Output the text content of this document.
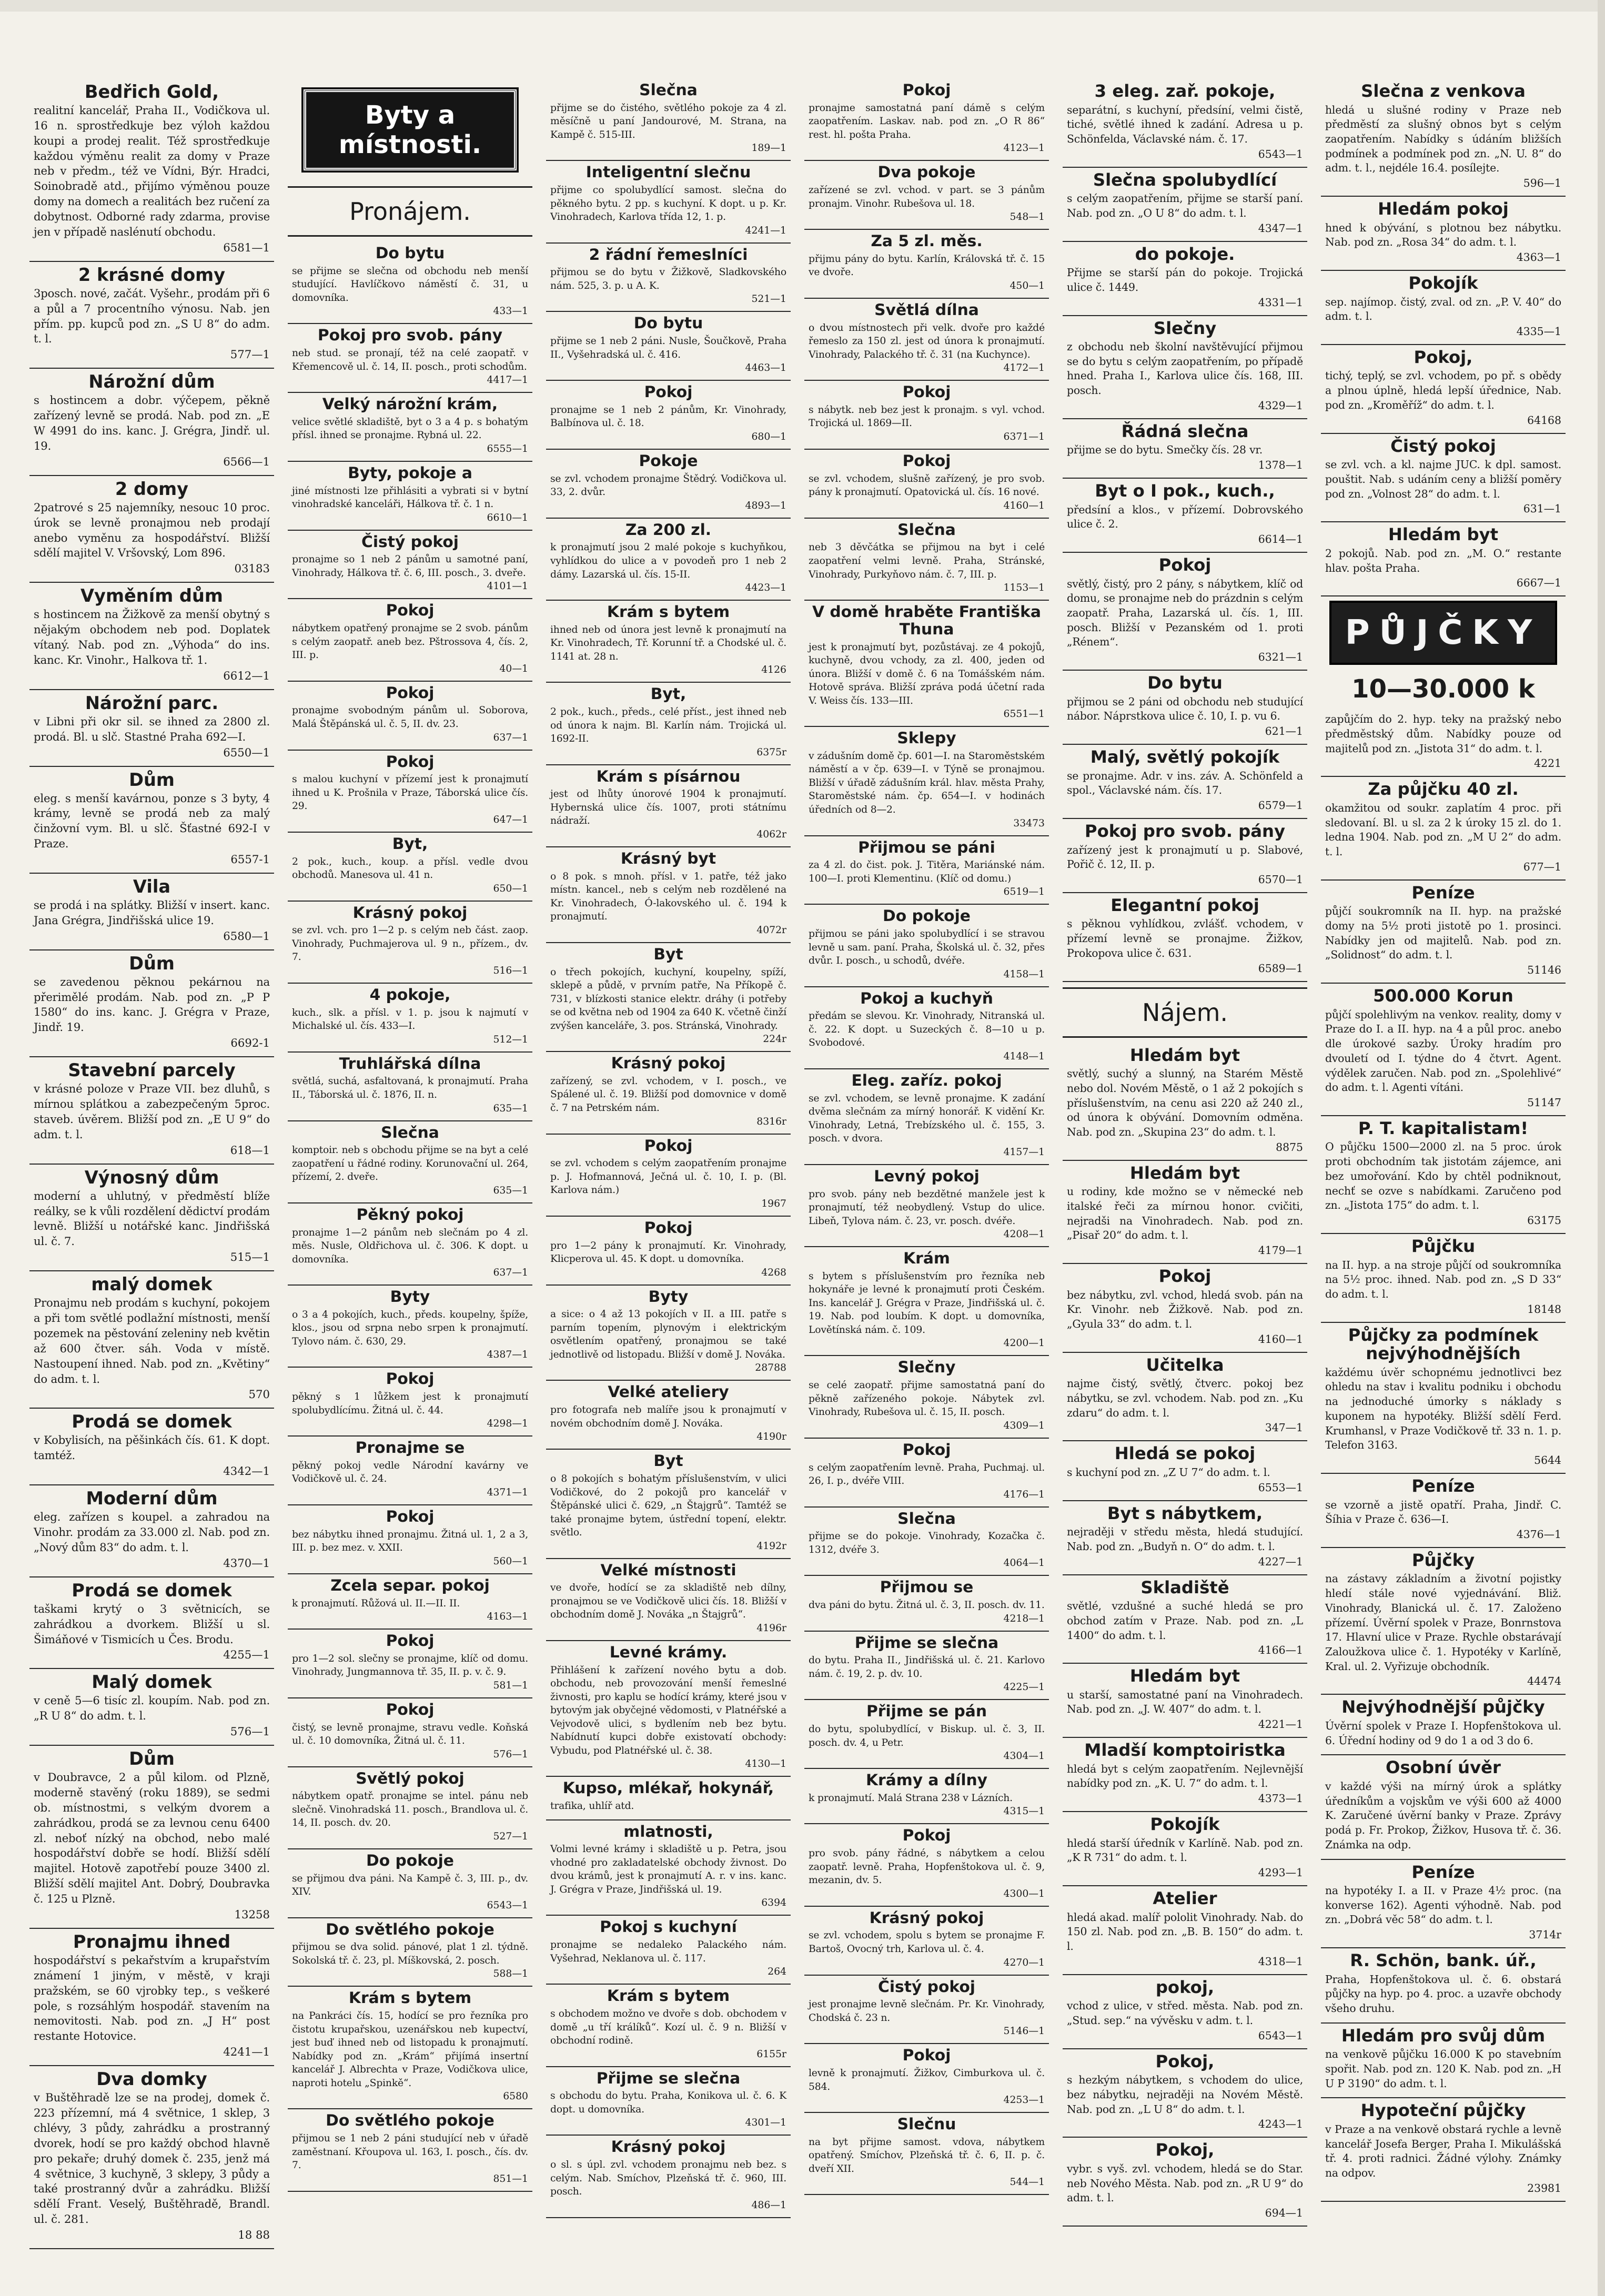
Bedřich Gold,

realitní kancelář, Praha II., Vodičkova ul. 16 n. sprostředkuje bez výloh každou koupi a prodej realit. Též sprostředkuje každou výměnu realit za domy v Praze neb v předm., též ve Vídni, Býr. Hradci, Soinobradě atd., přijímo výměnou pouze domy na domech a realitách bez ručení za dobytnost. Odborné rady zdarma, provise jen v případě naslénutí obchodu.

6581—1
2 krásné domy

3posch. nové, začát. Vyšehr., prodám při 6 a půl a 7 procentního výnosu. Nab. jen přím. pp. kupců pod zn. „S U 8“ do adm. t. l.

577—1
Nárožní dům

s hostincem a dobr. výčepem, pěkně zařízený levně se prodá. Nab. pod zn. „E W 4991 do ins. kanc. J. Grégra, Jindř. ul. 19.

6566—1
2 domy

2patrové s 25 najemníky, nesouc 10 proc. úrok se levně pronajmou neb prodají anebo vyměnu za hospodářství. Bližší sdělí majitel V. Vršovský, Lom 896.

03183
Vyměním dům

s hostincem na Žižkově za menší obytný s nějakým obchodem neb pod. Doplatek vítaný. Nab. pod zn. „Výhoda“ do ins. kanc. Kr. Vinohr., Halkova tř. 1.

6612—1
Nárožní parc.

v Libni při okr sil. se ihned za 2800 zl. prodá. Bl. u slč. Stastné Praha 692—I.

6550—1
Dům

eleg. s menší kavárnou, ponze s 3 byty, 4 krámy, levně se prodá neb za malý činžovní vym. Bl. u slč. Šťastné 692-I v Praze.

6557-1
Vila

se prodá i na splátky. Bližší v insert. kanc. Jana Grégra, Jindřišská ulice 19.

6580—1
Dům

se zavedenou pěknou pekárnou na přerimělé prodám. Nab. pod zn. „P P 1580“ do ins. kanc. J. Grégra v Praze, Jindř. 19.

6692-1
Stavební parcely

v krásné poloze v Praze VII. bez dluhů, s mírnou splátkou a zabezpečeným 5proc. staveb. úvěrem. Bližší pod zn. „E U 9“ do adm. t. l.

618—1
Výnosný dům

moderní a uhlutný, v předměstí blíže reálky, se k vůli rozdělení dědictví prodám levně. Bližší u notářské kanc. Jindřišská ul. č. 7.

515—1
malý domek

Pronajmu neb prodám s kuchyní, pokojem a při tom světlé podlažní místnosti, menší pozemek na pěstování zeleniny neb květin až 600 čtver. sáh. Voda v místě. Nastoupení ihned. Nab. pod zn. „Květiny“ do adm. t. l.

570
Prodá se domek

v Kobylisích, na pěšinkách čís. 61. K dopt. tamtéž.

4342—1
Moderní dům

eleg. zařízen s koupel. a zahradou na Vinohr. prodám za 33.000 zl. Nab. pod zn. „Nový dům 83“ do adm. t. l.

4370—1
Prodá se domek

taškami krytý o 3 světnicích, se zahrádkou a dvorkem. Bližší u sl. Šimáňové v Tismicích u Čes. Brodu.

4255—1
Malý domek

v ceně 5—6 tisíc zl. koupím. Nab. pod zn. „R U 8“ do adm. t. l.

576—1
Dům

v Doubravce, 2 a půl kilom. od Plzně, moderně stavěný (roku 1889), se sedmi ob. místnostmi, s velkým dvorem a zahrádkou, prodá se za levnou cenu 6400 zl. neboť nízký na obchod, nebo malé hospodářství dobře se hodí. Bližší sdělí majitel. Hotově zapotřebí pouze 3400 zl. Bližší sdělí majitel Ant. Dobrý, Doubravka č. 125 u Plzně.

13258
Pronajmu ihned

hospodářství s pekařstvím a krupařstvím známení 1 jiným, v městě, v kraji pražském, se 60 vjrobky tep., s veškeré pole, s rozsáhlým hospodář. stavením na nemovitosti. Nab. pod zn. „J H“ post restante Hotovice.

4241—1
Dva domky

v Buštěhradě lze se na prodej, domek č. 223 přízemní, má 4 světnice, 1 sklep, 3 chlévy, 3 půdy, zahrádku a prostranný dvorek, hodí se pro každý obchod hlavně pro pekaře; druhý domek č. 235, jenž má 4 světnice, 3 kuchyně, 3 sklepy, 3 půdy a také prostranný dvůr a zahrádku. Bližší sdělí Frant. Veselý, Buštěhradě, Brandl. ul. č. 281.

18 88
Byty a místnosti.
Pronájem.
Do bytu

se přijme se slečna od obchodu neb menší studující. Havlíčkovo náměstí č. 31, u domovníka.

433—1
Pokoj pro svob. pány

neb stud. se pronají, též na celé zaopatř. v Křemencově ul. č. 14, II. posch., proti schodům.

4417—1
Velký nárožní krám,

velice světlé skladiště, byt o 3 a 4 p. s bohatým přísl. ihned se pronajme. Rybná ul. 22.

6555—1
Byty, pokoje a

jiné místnosti lze přihlásiti a vybrati si v bytní vinohradské kanceláři, Hálkova tř. č. 1 n.

6610—1
Čistý pokoj

pronajme so 1 neb 2 pánům u samotné paní, Vinohrady, Hálkova tř. č. 6, III. posch., 3. dveře.

4101—1
Pokoj

nábytkem opatřený pronajme se 2 svob. pánům s celým zaopatř. aneb bez. Pštrossova 4, čís. 2, III. p.

40—1
Pokoj

pronajme svobodným pánům ul. Soborova, Malá Štěpánská ul. č. 5, II. dv. 23.

637—1
Pokoj

s malou kuchyní v přízemí jest k pronajmutí ihned u K. Prošnila v Praze, Táborská ulice čís. 29.

647—1
Byt,

2 pok., kuch., koup. a přísl. vedle dvou obchodů. Manesova ul. 41 n.

650—1
Krásný pokoj

se zvl. vch. pro 1—2 p. s celým neb část. zaop. Vinohrady, Puchmajerova ul. 9 n., přízem., dv. 7.

516—1
4 pokoje,

kuch., slk. a přísl. v 1. p. jsou k najmutí v Michalské ul. čís. 433—I.

512—1
Truhlářská dílna

světlá, suchá, asfaltovaná, k pronajmutí. Praha II., Táborská ul. č. 1876, II. n.

635—1
Slečna

komptoir. neb s obchodu přijme se na byt a celé zaopatření u řádné rodiny. Korunovační ul. 264, přízemí, 2. dveře.

635—1
Pěkný pokoj

pronajme 1—2 pánům neb slečnám po 4 zl. měs. Nusle, Oldřichova ul. č. 306. K dopt. u domovníka.

637—1
Byty

o 3 a 4 pokojích, kuch., předs. koupelny, špíže, klos., jsou od srpna nebo srpen k pronajmutí. Tylovo nám. č. 630, 29.

4387—1
Pokoj

pěkný s 1 lůžkem jest k pronajmutí spolubydlícímu. Žitná ul. č. 44.

4298—1
Pronajme se

pěkný pokoj vedle Národní kavárny ve Vodičkově ul. č. 24.

4371—1
Pokoj

bez nábytku ihned pronajmu. Žitná ul. 1, 2 a 3, III. p. bez mez. v. XXII.

560—1
Zcela separ. pokoj

k pronajmutí. Růžová ul. II.—II. II.

4163—1
Pokoj

pro 1—2 sol. slečny se pronajme, klíč od domu. Vinohrady, Jungmannova tř. 35, II. p. v. č. 9.

581—1
Pokoj

čistý, se levně pronajme, stravu vedle. Koňská ul. č. 10 domovníka, Žitná ul. č. 11.

576—1
Světlý pokoj

nábytkem opatř. pronajme se intel. pánu neb slečně. Vinohradská 11. posch., Brandlova ul. č. 14, II. posch. dv. 20.

527—1
Do pokoje

se přijmou dva páni. Na Kampě č. 3, III. p., dv. XIV.

6543—1
Do světlého pokoje

přijmou se dva solid. pánové, plat 1 zl. týdně. Sokolská tř. č. 23, pl. Míškovská, 2. posch.

588—1
Krám s bytem

na Pankráci čís. 15, hodící se pro řezníka pro čistotu krupařskou, uzenářskou neb kupectví, jest buď ihned neb od listopadu k pronajmutí. Nabídky pod zn. „Krám“ přijímá insertní kancelář J. Albrechta v Praze, Vodičkova ulice, naproti hotelu „Spinkě“.

6580
Do světlého pokoje

přijmou se 1 neb 2 páni studující neb v úřadě zaměstnaní. Křoupova ul. 163, I. posch., čís. dv. 7.

851—1
Slečna

přijme se do čistého, světlého pokoje za 4 zl. měsíčně u paní Jandourové, M. Strana, na Kampě č. 515-III.

189—1
Inteligentní slečnu

přijme co spolubydlící samost. slečna do pěkného bytu. 2 pp. s kuchyní. K dopt. u p. Kr. Vinohradech, Karlova třída 12, 1. p.

4241—1
2 řádní řemeslníci

přijmou se do bytu v Žižkově, Sladkovského nám. 525, 3. p. u A. K.

521—1
Do bytu

přijme se 1 neb 2 páni. Nusle, Šoučkově, Praha II., Vyšehradská ul. č. 416.

4463—1
Pokoj

pronajme se 1 neb 2 pánům, Kr. Vinohrady, Balbínova ul. č. 18.

680—1
Pokoje

se zvl. vchodem pronajme Štědrý. Vodičkova ul. 33, 2. dvůr.

4893—1
Za 200 zl.

k pronajmutí jsou 2 malé pokoje s kuchyňkou, vyhlídkou do ulice a v povodeň pro 1 neb 2 dámy. Lazarská ul. čís. 15-II.

4423—1
Krám s bytem

ihned neb od února jest levně k pronajmutí na Kr. Vinohradech, Tř. Korunní tř. a Chodské ul. č. 1141 at. 28 n.

4126
Byt,

2 pok., kuch., předs., celé příst., jest ihned neb od února k najm. Bl. Karlín nám. Trojická ul. 1692-II.

6375r
Krám s písárnou

jest od lhůty únorové 1904 k pronajmutí. Hybernská ulice čís. 1007, proti státnímu nádraží.

4062r
Krásný byt

o 8 pok. s mnoh. přísl. v 1. patře, též jako místn. kancel., neb s celým neb rozdělené na Kr. Vinohradech, Ó-lakovského ul. č. 194 k pronajmutí.

4072r
Byt

o třech pokojích, kuchyní, koupelny, spíží, sklepě a půdě, v prvním patře, Na Příkopě č. 731, v blízkosti stanice elektr. dráhy (i potřeby se od května neb od 1904 za 640 K. včetně činží zvýšen kanceláře, 3. pos. Stránská, Vinohrady.

224r
Krásný pokoj

zařízený, se zvl. vchodem, v I. posch., ve Spálené ul. č. 19. Bližší pod domovnice v domě č. 7 na Petrském nám.

8316r
Pokoj

se zvl. vchodem s celým zaopatřením pronajme p. J. Hofmannová, Ječná ul. č. 10, I. p. (Bl. Karlova nám.)

1967
Pokoj

pro 1—2 pány k pronajmutí. Kr. Vinohrady, Klicperova ul. 45. K dopt. u domovníka.

4268
Byty

a sice: o 4 až 13 pokojích v II. a III. patře s parním topením, plynovým i elektrickým osvětlením opatřený, pronajmou se také jednotlivě od listopadu. Bližší v domě J. Nováka.

28788
Velké ateliery

pro fotografa neb malíře jsou k pronajmutí v novém obchodním domě J. Nováka.

4190r
Byt

o 8 pokojích s bohatým příslušenstvím, v ulici Vodičkové, do 2 pokojů pro kancelář v Štěpánské ulici č. 629, „n Štajgrů“. Tamtéž se také pronajme bytem, ústřední topení, elektr. světlo.

4192r
Velké místnosti

ve dvoře, hodící se za skladiště neb dílny, pronajmou se ve Vodičkově ulici čís. 18. Bližší v obchodním domě J. Nováka „n Štajgrů“.

4196r
Levné krámy.

Přihlášení k zařízení nového bytu a dob. obchodu, neb provozování menší řemeslné živnosti, pro kaplu se hodící krámy, které jsou v bytovým jak obyčejné vědomosti, v Platnéřské a Vejvodově ulici, s bydlením neb bez bytu. Nabídnutí kupci dobře existovatí obchody: Vybudu, pod Platnéřské ul. č. 38.

4130—1
Kupso, mlékař, hokynář,

trafika, uhlíř atd.

mlatnosti,

Volmi levné krámy i skladiště u p. Petra, jsou vhodné pro zakladatelské obchody živnost. Do dvou krámů, jest k pronajmutí A. r. v ins. kanc. J. Grégra v Praze, Jindřišská ul. 19.

6394
Pokoj s kuchyní

pronajme se nedaleko Palackého nám. Vyšehrad, Neklanova ul. č. 117.

264
Krám s bytem

s obchodem možno ve dvoře s dob. obchodem v domě „u tří králíků“. Kozí ul. č. 9 n. Bližší v obchodní rodině.

6155r
Přijme se slečna

s obchodu do bytu. Praha, Konikova ul. č. 6. K dopt. u domovníka.

4301—1
Krásný pokoj

o sl. s úpl. zvl. vchodem pronajmu neb bez. s celým. Nab. Smíchov, Plzeňská tř. č. 960, III. posch.

486—1
Pokoj

pronajme samostatná paní dámě s celým zaopatřením. Laskav. nab. pod zn. „O R 86“ rest. hl. pošta Praha.

4123—1
Dva pokoje

zařízené se zvl. vchod. v part. se 3 pánům pronajm. Vinohr. Rubešova ul. 18.

548—1
Za 5 zl. měs.

přijmu pány do bytu. Karlín, Královská tř. č. 15 ve dvoře.

450—1
Světlá dílna

o dvou místnostech při velk. dvoře pro každé řemeslo za 150 zl. jest od února k pronajmutí. Vinohrady, Palackého tř. č. 31 (na Kuchynce).

4172—1
Pokoj

s nábytk. neb bez jest k pronajm. s vyl. vchod. Trojická ul. 1869—II.

6371—1
Pokoj

se zvl. vchodem, slušně zařízený, je pro svob. pány k pronajmutí. Opatovická ul. čís. 16 nové.

4160—1
Slečna

neb 3 děvčátka se přijmou na byt i celé zaopatření velmi levně. Praha, Stránské, Vinohrady, Purkyňovo nám. č. 7, III. p.

1153—1
V domě hraběte Františka Thuna

jest k pronajmutí byt, pozůstávaj. ze 4 pokojů, kuchyně, dvou vchody, za zl. 400, jeden od února. Bližší v domě č. 6 na Tomášském nám. Hotově správa. Bližší zpráva podá účetní rada V. Weiss čís. 133—III.

6551—1
Sklepy

v zádušním domě čp. 601—I. na Staroměstském náměstí a v čp. 639—I. v Týně se pronajmou. Bližší v úřadě zádušním král. hlav. města Prahy, Staroměstské nám. čp. 654—I. v hodinách úředních od 8—2.

33473
Přijmou se páni

za 4 zl. do čist. pok. J. Titěra, Mariánské nám. 100—I. proti Klementinu. (Klíč od domu.)

6519—1
Do pokoje

přijmou se páni jako spolubydlící i se stravou levně u sam. paní. Praha, Školská ul. č. 32, přes dvůr. I. posch., u schodů, dvéře.

4158—1
Pokoj a kuchyň

předám se slevou. Kr. Vinohrady, Nitranská ul. č. 22. K dopt. u Suzeckých č. 8—10 u p. Svobodové.

4148—1
Eleg. zaříz. pokoj

se zvl. vchodem, se levně pronajme. K zadání dvěma slečnám za mírný honorář. K vidění Kr. Vinohrady, Letná, Trebízského ul. č. 155, 3. posch. v dvora.

4157—1
Levný pokoj

pro svob. pány neb bezdětné manžele jest k pronajmutí, též neobydlený. Vstup do ulice. Libeň, Tylova nám. č. 23, vr. posch. dvéře.

4208—1
Krám

s bytem s příslušenstvím pro řezníka neb hokynáře je levné k pronajmutí proti Českém. Ins. kancelář J. Grégra v Praze, Jindřišská ul. č. 19. Nab. pod loubím. K dopt. u domovníka, Lovětínská nám. č. 109.

4200—1
Slečny

se celé zaopatř. přijme samostatná paní do pěkně zařízeného pokoje. Nábytek zvl. Vinohrady, Rubešova ul. č. 15, II. posch.

4309—1
Pokoj

s celým zaopatřením levně. Praha, Puchmaj. ul. 26, I. p., dvéře VIII.

4176—1
Slečna

přijme se do pokoje. Vinohrady, Kozačka č. 1312, dvéře 3.

4064—1
Přijmou se

dva páni do bytu. Žitná ul. č. 3, II. posch. dv. 11.

4218—1
Přijme se slečna

do bytu. Praha II., Jindřišská ul. č. 21. Karlovo nám. č. 19, 2. p. dv. 10.

4225—1
Přijme se pán

do bytu, spolubydlící, v Biskup. ul. č. 3, II. posch. dv. 4, u Petr.

4304—1
Krámy a dílny

k pronajmutí. Malá Strana 238 v Lázních.

4315—1
Pokoj

pro svob. pány řádné, s nábytkem a celou zaopatř. levně. Praha, Hopfenštokova ul. č. 9, mezanin, dv. 5.

4300—1
Krásný pokoj

se zvl. vchodem, spolu s bytem se pronajme F. Bartoš, Ovocný trh, Karlova ul. č. 4.

4270—1
Čistý pokoj

jest pronajme levně slečnám. Pr. Kr. Vinohrady, Chodská č. 23 n.

5146—1
Pokoj

levně k pronajmutí. Žižkov, Cimburkova ul. č. 584.

4253—1
Slečnu

na byt přijme samost. vdova, nábytkem opatřený. Smíchov, Plzeňská tř. č. 6, II. p. č. dveří XII.

544—1
3 eleg. zař. pokoje,

separátní, s kuchyní, předsíní, velmi čistě, tiché, světlé ihned k zadání. Adresa u p. Schönfelda, Václavské nám. č. 17.

6543—1
Slečna spolubydlící

s celým zaopatřením, přijme se starší paní. Nab. pod zn. „O U 8“ do adm. t. l.

4347—1
do pokoje.

Přijme se starší pán do pokoje. Trojická ulice č. 1449.

4331—1
Slečny

z obchodu neb školní navštěvující přijmou se do bytu s celým zaopatřením, po případě hned. Praha I., Karlova ulice čís. 168, III. posch.

4329—1
Řádná slečna

přijme se do bytu. Smečky čís. 28 vr.

1378—1
Byt o I pok., kuch.,

předsíní a klos., v přízemí. Dobrovského ulice č. 2.

6614—1
Pokoj

světlý, čistý, pro 2 pány, s nábytkem, klíč od domu, se pronajme neb do prázdnin s celým zaopatř. Praha, Lazarská ul. čís. 1, III. posch. Bližší v Pezanském od 1. proti „Rénem“.

6321—1
Do bytu

přijmou se 2 páni od obchodu neb studující nábor. Náprstkova ulice č. 10, I. p. vu 6.

621—1
Malý, světlý pokojík

se pronajme. Adr. v ins. záv. A. Schönfeld a spol., Václavské nám. čís. 17.

6579—1
Pokoj pro svob. pány

zařízený jest k pronajmutí u p. Slabové, Pořič č. 12, II. p.

6570—1
Elegantní pokoj

s pěknou vyhlídkou, zvlášť. vchodem, v přízemí levně se pronajme. Žižkov, Prokopova ulice č. 631.

6589—1
Nájem.
Hledám byt

světlý, suchý a slunný, na Starém Městě nebo dol. Novém Městě, o 1 až 2 pokojích s příslušenstvím, na cenu asi 220 až 240 zl., od února k obývání. Domovním odměna. Nab. pod zn. „Skupina 23“ do adm. t. l.

8875
Hledám byt

u rodiny, kde možno se v německé neb italské řeči za mírnou honor. cvičiti, nejradši na Vinohradech. Nab. pod zn. „Pisař 20“ do adm. t. l.

4179—1
Pokoj

bez nábytku, zvl. vchod, hledá svob. pán na Kr. Vinohr. neb Žižkově. Nab. pod zn. „Gyula 33“ do adm. t. l.

4160—1
Učitelka

najme čistý, světlý, čtverc. pokoj bez nábytku, se zvl. vchodem. Nab. pod zn. „Ku zdaru“ do adm. t. l.

347—1
Hledá se pokoj

s kuchyní pod zn. „Z U 7“ do adm. t. l.

6553—1
Byt s nábytkem,

nejraději v středu města, hledá studující. Nab. pod zn. „Budyň n. O“ do adm. t. l.

4227—1
Skladiště

světlé, vzdušné a suché hledá se pro obchod zatím v Praze. Nab. pod zn. „L 1400“ do adm. t. l.

4166—1
Hledám byt

u starší, samostatné paní na Vinohradech. Nab. pod zn. „J. W. 407“ do adm. t. l.

4221—1
Mladší komptoiristka

hledá byt s celým zaopatřením. Nejlevnější nabídky pod zn. „K. U. 7“ do adm. t. l.

4373—1
Pokojík

hledá starší úředník v Karlíně. Nab. pod zn. „K R 731“ do adm. t. l.

4293—1
Atelier

hledá akad. malíř pololit Vinohrady. Nab. do 150 zl. Nab. pod zn. „B. B. 150“ do adm. t. l.

4318—1
pokoj,

vchod z ulice, v střed. města. Nab. pod zn. „Stud. sep.“ na vývěsku v adm. t. l.

6543—1
Pokoj,

s hezkým nábytkem, s vchodem do ulice, bez nábytku, nejraději na Novém Městě. Nab. pod zn. „L U 8“ do adm. t. l.

4243—1
Pokoj,

vybr. s vyš. zvl. vchodem, hledá se do Star. neb Nového Města. Nab. pod zn. „R U 9“ do adm. t. l.

694—1
Slečna z venkova

hledá u slušné rodiny v Praze neb předměstí za slušný obnos byt s celým zaopatřením. Nabídky s údáním bližších podmínek a podmínek pod zn. „N. U. 8“ do adm. t. l., nejdéle 16.4. posílejte.

596—1
Hledám pokoj

hned k obývání, s plotnou bez nábytku. Nab. pod zn. „Rosa 34“ do adm. t. l.

4363—1
Pokojík

sep. najímop. čistý, zval. od zn. „P. V. 40“ do adm. t. l.

4335—1
Pokoj,

tichý, teplý, se zvl. vchodem, po př. s obědy a plnou úplně, hledá lepší úřednice, Nab. pod zn. „Kroměříž“ do adm. t. l.

64168
Čistý pokoj

se zvl. vch. a kl. najme JUC. k dpl. samost. pouštit. Nab. s udáním ceny a bližší poměry pod zn. „Volnost 28“ do adm. t. l.

631—1
Hledám byt

2 pokojů. Nab. pod zn. „M. O.“ restante hlav. pošta Praha.

6667—1
PŮJČKY
10—30.000 k

zapůjčím do 2. hyp. teky na pražský nebo předměstský dům. Nabídky pouze od majitelů pod zn. „Jistota 31“ do adm. t. l.

4221
Za půjčku 40 zl.

okamžitou od soukr. zaplatím 4 proc. při sledovaní. Bl. u sl. za 2 k úroky 15 zl. do 1. ledna 1904. Nab. pod zn. „M U 2“ do adm. t. l.

677—1
Peníze

půjčí soukromník na II. hyp. na pražské domy na 5½ proti jistotě po 1. prosinci. Nabídky jen od majitelů. Nab. pod zn. „Solidnost“ do adm. t. l.

51146
500.000 Korun

půjčí spolehlivým na venkov. reality, domy v Praze do I. a II. hyp. na 4 a půl proc. anebo dle úrokové sazby. Úroky hradím pro dvouletí od I. týdne do 4 čtvrt. Agent. výdělek zaručen. Nab. pod zn. „Spolehlivé“ do adm. t. l. Agenti vítáni.

51147
P. T. kapitalistam!

O půjčku 1500—2000 zl. na 5 proc. úrok proti obchodním tak jistotám zájemce, ani bez umořování. Kdo by chtěl podniknout, nechť se ozve s nabídkami. Zaručeno pod zn. „Jistota 175“ do adm. t. l.

63175
Půjčku

na II. hyp. a na stroje půjčí od soukromníka na 5½ proc. ihned. Nab. pod zn. „S D 33“ do adm. t. l.

18148
Půjčky za podmínek nejvýhodnějších

každému úvěr schopnému jednotlivci bez ohledu na stav i kvalitu podniku i obchodu na jednoduché úmorky s náklady s kuponem na hypotéky. Bližší sdělí Ferd. Krumhansl, v Praze Vodičkově tř. 33 n. 1. p. Telefon 3163.

5644
Peníze

se vzorně a jistě opatří. Praha, Jindř. C. Šíhia v Praze č. 636—I.

4376—1
Půjčky

na zástavy základním a životní pojistky hledí stále nové vyjednávání. Bliž. Vinohrady, Blanická ul. č. 17. Založeno přízemí. Úvěrní spolek v Praze, Bonrnstova 17. Hlavní ulice v Praze. Rychle obstarávají Zaloužkova ulice č. 1. Hypotéky v Karlíně, Kral. ul. 2. Vyřizuje obchodník.

44474
Nejvýhodnější půjčky

Úvěrní spolek v Praze I. Hopfenštokova ul. 6. Úřední hodiny od 9 do 1 a od 3 do 6.

Osobní úvěr

v každé výši na mírný úrok a splátky úředníkům a vojskům ve výši 600 až 4000 K. Zaručené úvěrní banky v Praze. Zprávy podá p. Fr. Prokop, Žižkov, Husova tř. č. 36. Známka na odp.

Peníze

na hypotéky I. a II. v Praze 4½ proc. (na konverse 162). Agenti výhodně. Nab. pod zn. „Dobrá věc 58“ do adm. t. l.

3714r
R. Schön, bank. úř.,

Praha, Hopfenštokova ul. č. 6. obstará půjčky na hyp. po 4. proc. a uzavře obchody všeho druhu.

Hledám pro svůj dům

na venkově půjčku 16.000 K po stavebním spořit. Nab. pod zn. 120 K. Nab. pod zn. „H U P 3190“ do adm. t. l.

Hypoteční půjčky

v Praze a na venkově obstará rychle a levně kancelář Josefa Berger, Praha I. Mikulášská tř. 4. proti radnici. Žádné výlohy. Známky na odpov.

23981
